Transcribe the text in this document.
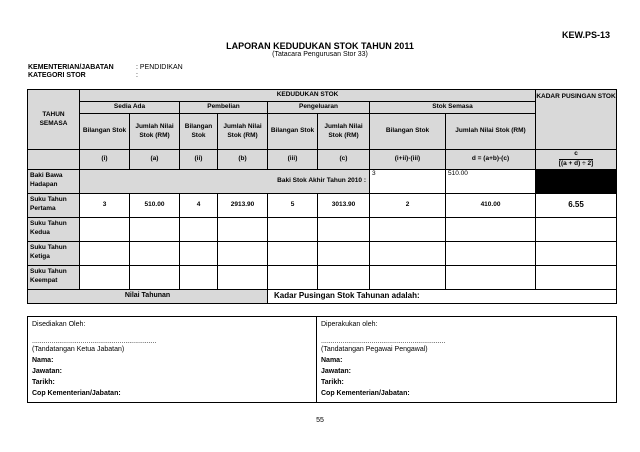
KEW.PS-13
LAPORAN KEDUDUKAN STOK TAHUN 2011
(Tatacara Pengurusan Stor 33)
KEMENTERIAN/JABATAN	: PENDIDIKAN
KATEGORI STOR	:
TAHUN SEMASA	KEDUDUKAN STOK								KADAR PUSINGAN STOK
	Sedia Ada		Pembelian		Pengeluaran		Stok Semasa		
	Bilangan Stok	Jumlah Nilai Stok (RM)	Bilangan Stok	Jumlah Nilai Stok (RM)	Bilangan Stok	Jumlah Nilai Stok (RM)	Bilangan Stok	Jumlah Nilai Stok (RM)	
	(i)	(a)	(ii)	(b)	(iii)	(c)	(i+ii)-(iii)	d = (a+b)-(c)	$\frac{c}{[(a + d) \div 2]}$
Baki Bawa Hadapan	Baki Stok Akhir Tahun 2010 :						3	510.00	
Suku Tahun Pertama	3	510.00	4	2913.90	5	3013.90	2	410.00	6.55
Suku Tahun Kedua									
Suku Tahun Ketiga									
Suku Tahun Keempat									
Nilai Tahunan					Kadar Pusingan Stok Tahunan adalah:				
Disediakan Oleh:
................................................................
(Tandatangan Ketua Jabatan)
Nama:
Jawatan:
Tarikh:
Cop Kementerian/Jabatan:

Diperakukan oleh:
................................................................
(Tandatangan Pegawai Pengawal)
Nama:
Jawatan:
Tarikh:
Cop Kementerian/Jabatan:
55
